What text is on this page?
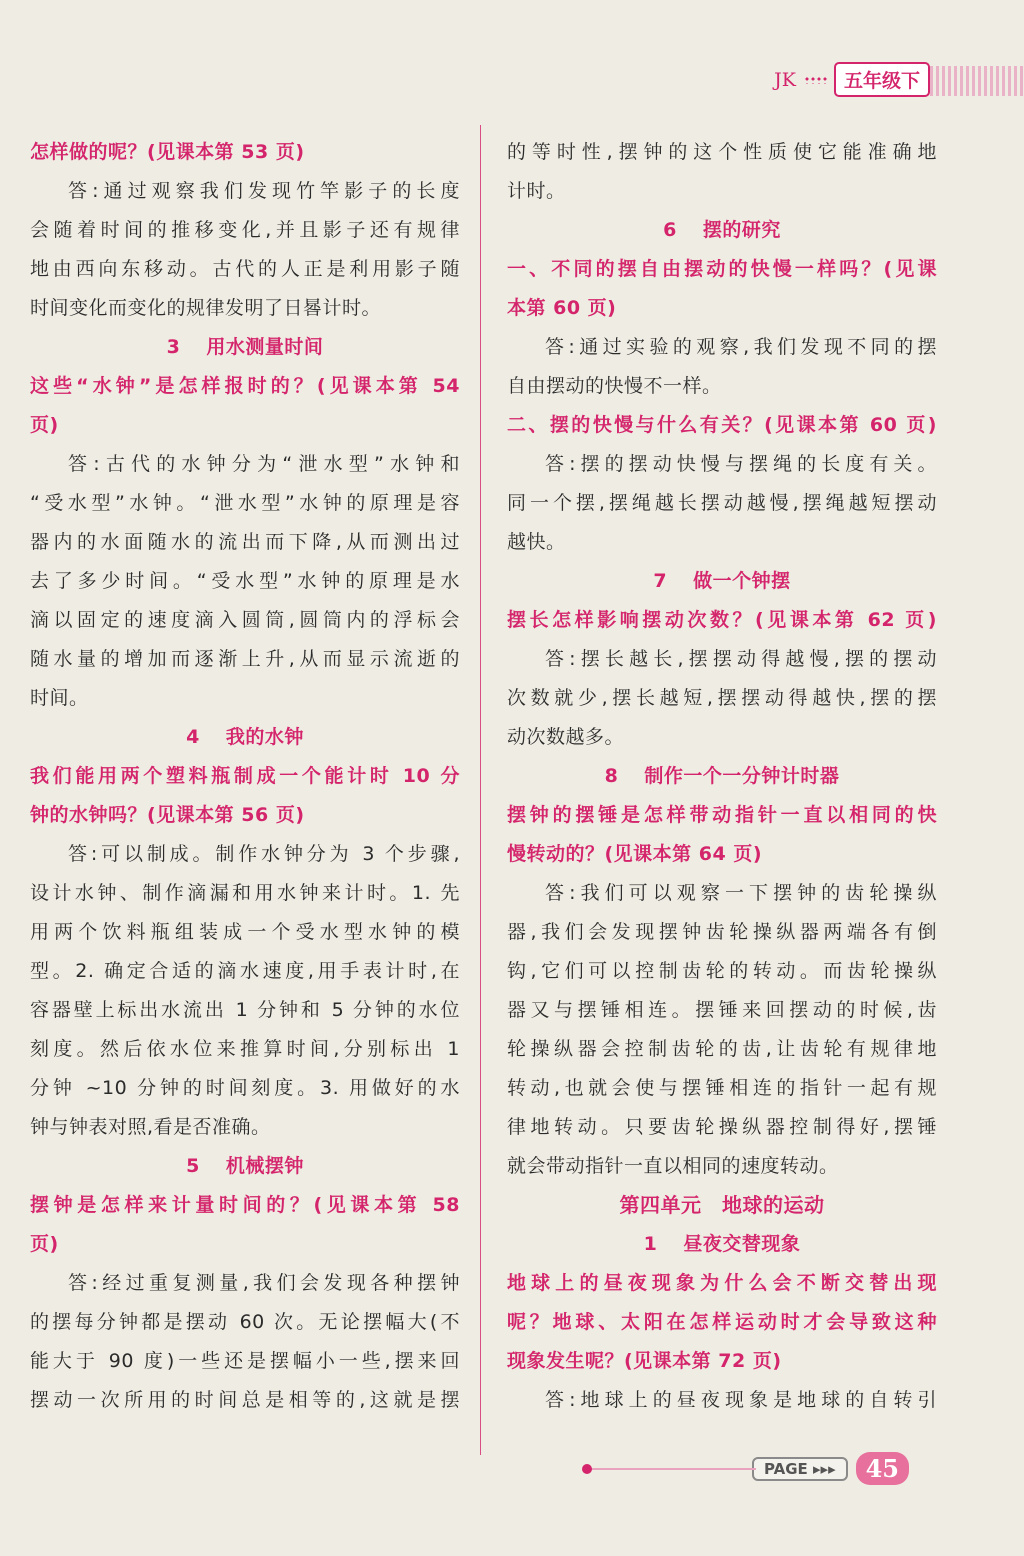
JK	五年级下
怎样做的呢？(见课本第 53 页)
答:通过观察我们发现竹竿影子的长度
会随着时间的推移变化,并且影子还有规律
地由西向东移动。古代的人正是利用影子随
时间变化而变化的规律发明了日晷计时。
3 用水测量时间
这些“水钟”是怎样报时的？(见课本第 54
页)
答:古代的水钟分为“泄水型”水钟和
“受水型”水钟。“泄水型”水钟的原理是容
器内的水面随水的流出而下降,从而测出过
去了多少时间。“受水型”水钟的原理是水
滴以固定的速度滴入圆筒,圆筒内的浮标会
随水量的增加而逐渐上升,从而显示流逝的
时间。
4 我的水钟
我们能用两个塑料瓶制成一个能计时 10 分
钟的水钟吗？(见课本第 56 页)
答:可以制成。制作水钟分为 3 个步骤,
设计水钟、制作滴漏和用水钟来计时。1. 先
用两个饮料瓶组装成一个受水型水钟的模
型。2. 确定合适的滴水速度,用手表计时,在
容器壁上标出水流出 1 分钟和 5 分钟的水位
刻度。然后依水位来推算时间,分别标出 1
分钟 ~10 分钟的时间刻度。3. 用做好的水
钟与钟表对照,看是否准确。
5 机械摆钟
摆钟是怎样来计量时间的？(见课本第 58
页)
答:经过重复测量,我们会发现各种摆钟
的摆每分钟都是摆动 60 次。无论摆幅大(不
能大于 90 度)一些还是摆幅小一些,摆来回
摆动一次所用的时间总是相等的,这就是摆
的等时性,摆钟的这个性质使它能准确地
计时。
6 摆的研究
一、不同的摆自由摆动的快慢一样吗？(见课
本第 60 页)
答:通过实验的观察,我们发现不同的摆
自由摆动的快慢不一样。
二、摆的快慢与什么有关？(见课本第 60 页)
答:摆的摆动快慢与摆绳的长度有关。
同一个摆,摆绳越长摆动越慢,摆绳越短摆动
越快。
7 做一个钟摆
摆长怎样影响摆动次数？(见课本第 62 页)
答:摆长越长,摆摆动得越慢,摆的摆动
次数就少,摆长越短,摆摆动得越快,摆的摆
动次数越多。
8 制作一个一分钟计时器
摆钟的摆锤是怎样带动指针一直以相同的快
慢转动的？(见课本第 64 页)
答:我们可以观察一下摆钟的齿轮操纵
器,我们会发现摆钟齿轮操纵器两端各有倒
钩,它们可以控制齿轮的转动。而齿轮操纵
器又与摆锤相连。摆锤来回摆动的时候,齿
轮操纵器会控制齿轮的齿,让齿轮有规律地
转动,也就会使与摆锤相连的指针一起有规
律地转动。只要齿轮操纵器控制得好,摆锤
就会带动指针一直以相同的速度转动。
第四单元　地球的运动
1 昼夜交替现象
地球上的昼夜现象为什么会不断交替出现
呢？地球、太阳在怎样运动时才会导致这种
现象发生呢？(见课本第 72 页)
答:地球上的昼夜现象是地球的自转引
PAGE ▸▸▸	45
